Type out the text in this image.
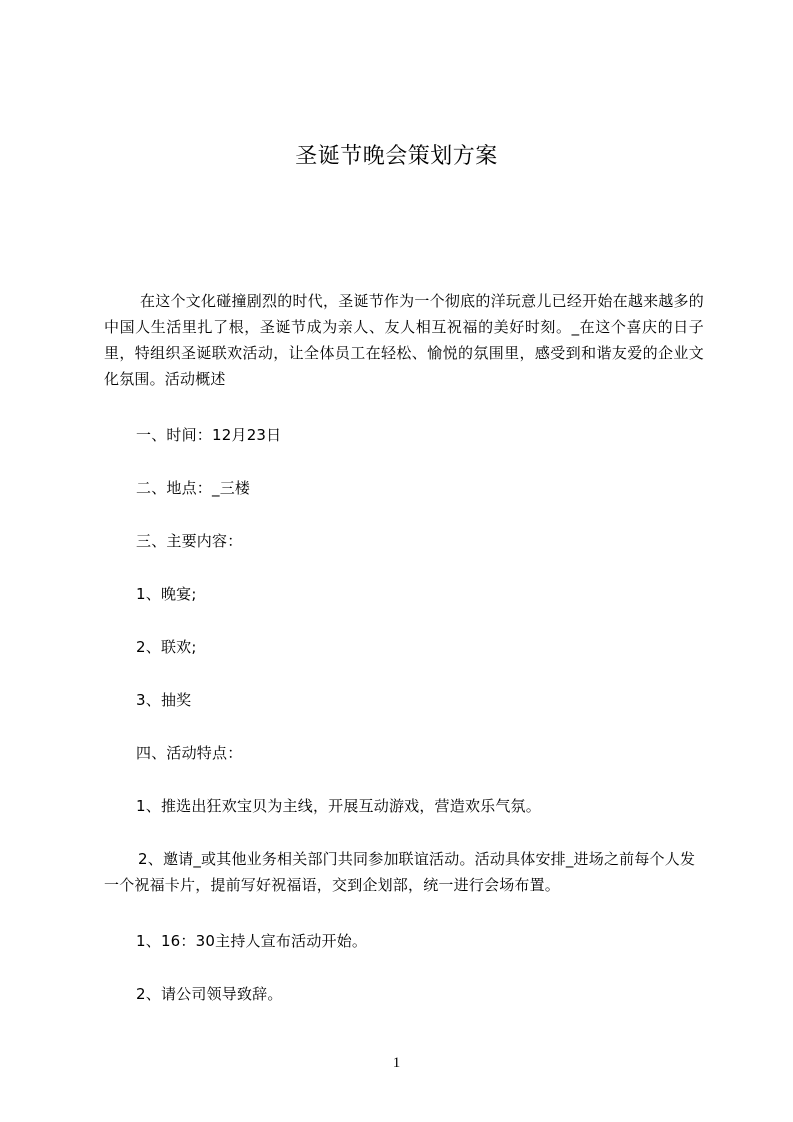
圣诞节晚会策划方案
在这个文化碰撞剧烈的时代，圣诞节作为一个彻底的洋玩意儿已经开始在越来越多的中国人生活里扎了根，圣诞节成为亲人、友人相互祝福的美好时刻。_在这个喜庆的日子里，特组织圣诞联欢活动，让全体员工在轻松、愉悦的氛围里，感受到和谐友爱的企业文化氛围。活动概述
一、时间：12月23日
二、地点：_三楼
三、主要内容：
1、晚宴;
2、联欢;
3、抽奖
四、活动特点：
1、推选出狂欢宝贝为主线，开展互动游戏，营造欢乐气氛。
2、邀请_或其他业务相关部门共同参加联谊活动。活动具体安排_进场之前每个人发一个祝福卡片，提前写好祝福语，交到企划部，统一进行会场布置。
1、16：30主持人宣布活动开始。
2、请公司领导致辞。
1
